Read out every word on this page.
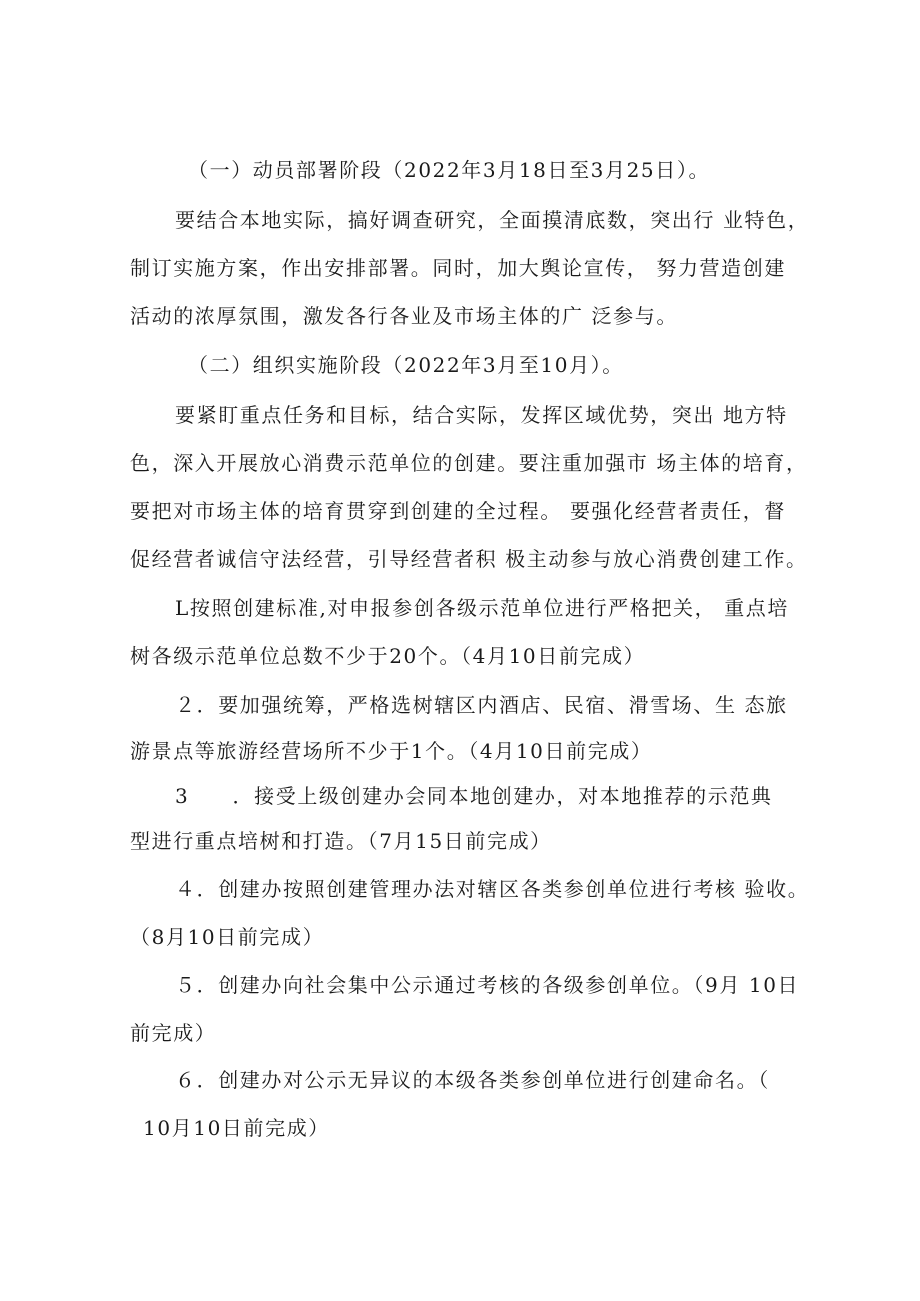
（一）动员部署阶段（2022年3月18日至3月25日）。
要结合本地实际，搞好调查研究，全面摸清底数，突出行 业特色，
制订实施方案，作出安排部署。同时，加大舆论宣传， 努力营造创建
活动的浓厚氛围，激发各行各业及市场主体的广 泛参与。
（二）组织实施阶段（2022年3月至10月）。
要紧盯重点任务和目标，结合实际，发挥区域优势，突出 地方特
色，深入开展放心消费示范单位的创建。要注重加强市 场主体的培育，
要把对市场主体的培育贯穿到创建的全过程。 要强化经营者责任，督
促经营者诚信守法经营，引导经营者积 极主动参与放心消费创建工作。
L按照创建标准,对申报参创各级示范单位进行严格把关， 重点培
树各级示范单位总数不少于20个。（4月10日前完成）
２．要加强统筹，严格选树辖区内酒店、民宿、滑雪场、生 态旅
游景点等旅游经营场所不少于1个。（4月10日前完成）
3　　．接受上级创建办会同本地创建办，对本地推荐的示范典
型进行重点培树和打造。（7月15日前完成）
４．创建办按照创建管理办法对辖区各类参创单位进行考核 验收。
（8月10日前完成）
５．创建办向社会集中公示通过考核的各级参创单位。（9月 10日
前完成）
６．创建办对公示无异议的本级各类参创单位进行创建命名。（
10月10日前完成）
